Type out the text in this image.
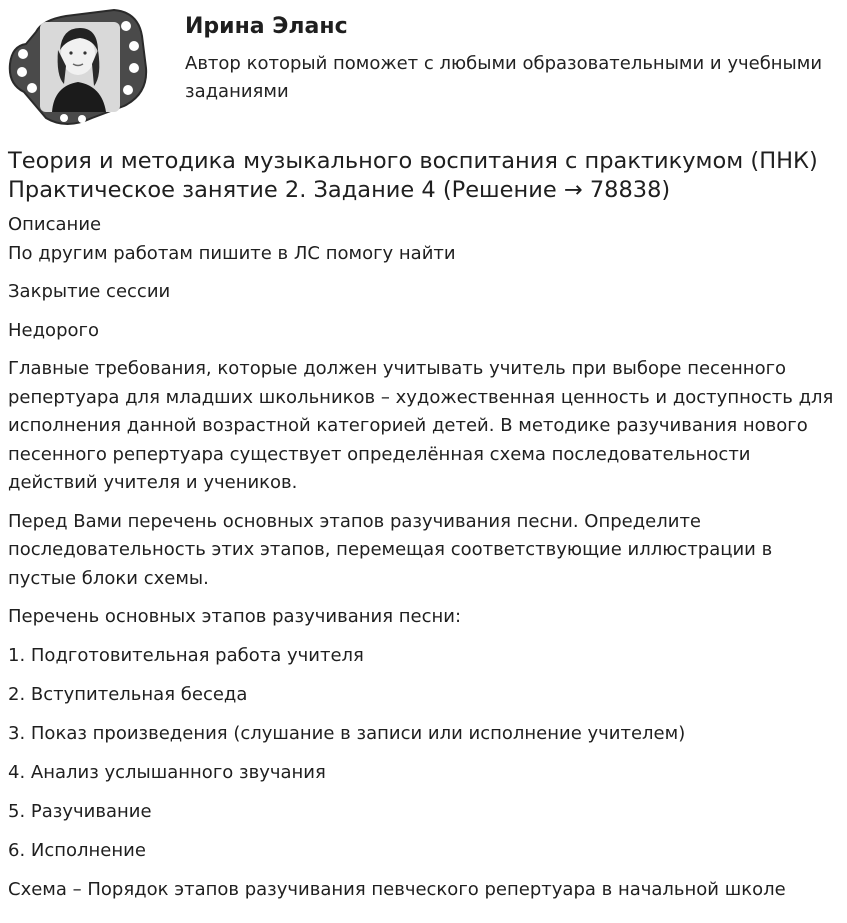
Ирина Эланс
Автор который поможет с любыми образовательными и учебными заданиями
Теория и методика музыкального воспитания с практикумом (ПНК) Практическое занятие 2. Задание 4 (Решение → 78838)

Описание

По другим работам пишите в ЛС помогу найти

Закрытие сессии

Недорого

Главные требования, которые должен учитывать учитель при выборе песенного репертуара для младших школьников – художественная ценность и доступность для исполнения данной возрастной категорией детей. В методике разучивания нового песенного репертуара существует определённая схема последовательности действий учителя и учеников.

Перед Вами перечень основных этапов разучивания песни. Определите последовательность этих этапов, перемещая соответствующие иллюстрации в пустые блоки схемы.

Перечень основных этапов разучивания песни:

1. Подготовительная работа учителя

2. Вступительная беседа

3. Показ произведения (слушание в записи или исполнение учителем)

4. Анализ услышанного звучания

5. Разучивание

6. Исполнение

Схема – Порядок этапов разучивания певческого репертуара в начальной школе
